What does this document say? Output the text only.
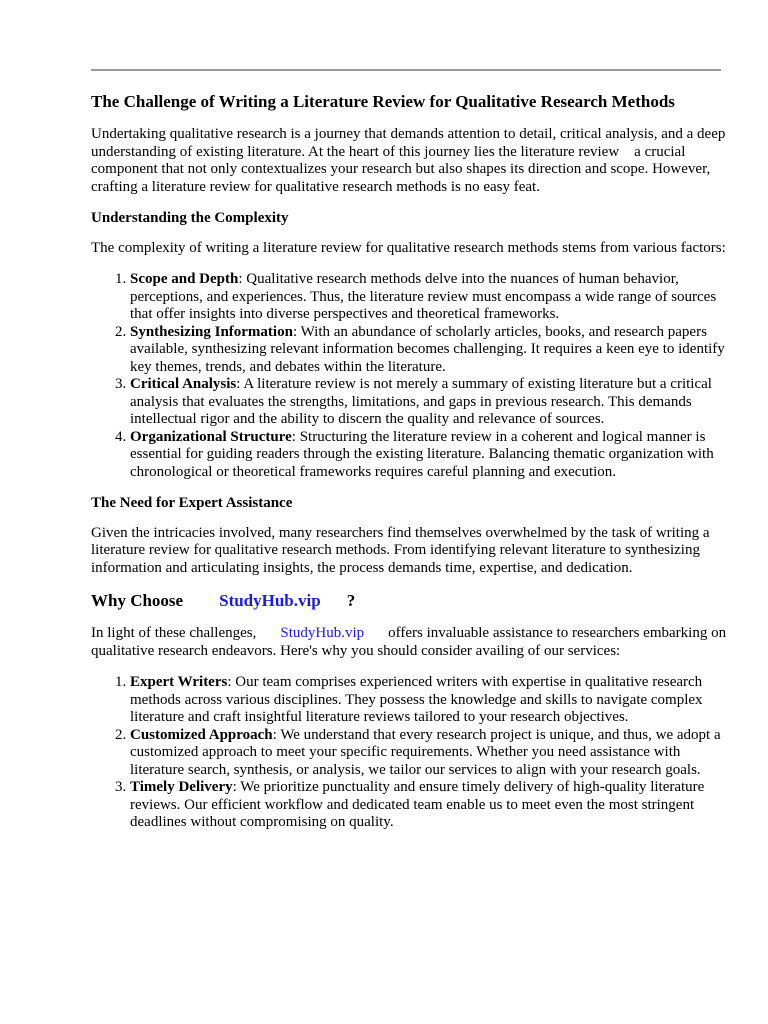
The Challenge of Writing a Literature Review for Qualitative Research Methods

Undertaking qualitative research is a journey that demands attention to detail, critical analysis, and a deep understanding of existing literature. At the heart of this journey lies the literature review    a crucial component that not only contextualizes your research but also shapes its direction and scope. However, crafting a literature review for qualitative research methods is no easy feat.

Understanding the Complexity

The complexity of writing a literature review for qualitative research methods stems from various factors:

1. Scope and Depth: Qualitative research methods delve into the nuances of human behavior, perceptions, and experiences. Thus, the literature review must encompass a wide range of sources that offer insights into diverse perspectives and theoretical frameworks.
2. Synthesizing Information: With an abundance of scholarly articles, books, and research papers available, synthesizing relevant information becomes challenging. It requires a keen eye to identify key themes, trends, and debates within the literature.
3. Critical Analysis: A literature review is not merely a summary of existing literature but a critical analysis that evaluates the strengths, limitations, and gaps in previous research. This demands intellectual rigor and the ability to discern the quality and relevance of sources.
4. Organizational Structure: Structuring the literature review in a coherent and logical manner is essential for guiding readers through the existing literature. Balancing thematic organization with chronological or theoretical frameworks requires careful planning and execution.
The Need for Expert Assistance

Given the intricacies involved, many researchers find themselves overwhelmed by the task of writing a literature review for qualitative research methods. From identifying relevant literature to synthesizing information and articulating insights, the process demands time, expertise, and dedication.

Why Choose StudyHub.vip ?

In light of these challenges, StudyHub.vip offers invaluable assistance to researchers embarking on qualitative research endeavors. Here's why you should consider availing of our services:

1. Expert Writers: Our team comprises experienced writers with expertise in qualitative research methods across various disciplines. They possess the knowledge and skills to navigate complex literature and craft insightful literature reviews tailored to your research objectives.
2. Customized Approach: We understand that every research project is unique, and thus, we adopt a customized approach to meet your specific requirements. Whether you need assistance with literature search, synthesis, or analysis, we tailor our services to align with your research goals.
3. Timely Delivery: We prioritize punctuality and ensure timely delivery of high-quality literature reviews. Our efficient workflow and dedicated team enable us to meet even the most stringent deadlines without compromising on quality.
